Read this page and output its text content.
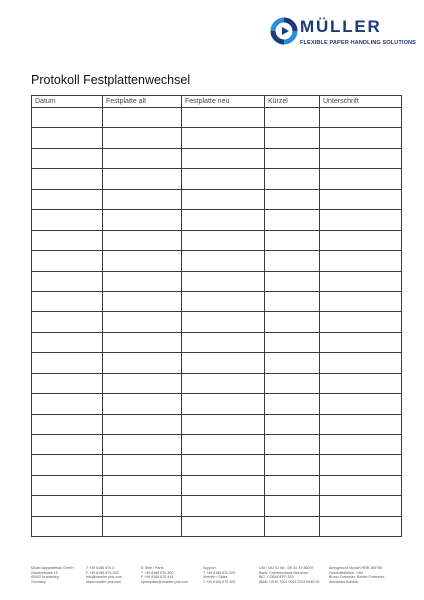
MÜLLER
FLEXIBLE PAPER HANDLING SOLUTIONS
Protokoll Festplattenwechsel
Datum	Festplatte alt	Festplatte neu	Kürzel	Unterschrift

Müller Apparatebau GmbH
Gewerbepark 19
85402 Kranzberg
Germany
T +49 8166 670-0
F +49 8166 670-333
info@mueller-phs.com
www.mueller-phs.com
E-Teile / Parts
T +49 8166 670-400
F +49 8166 670-444
sparepatrs@mueller-phs.com
Support
T +49 8166 670-200
Vertrieb / Sales
T +49 8166 670-300
USt / VAT ID No.: DE 81 47 86097
Bank: Commerzbank München
BIC: COBADEFF 333
IBAN: DE40 7004 0041 0224 6946 00
Amtsgericht Munich HRB 165798
Geschäftsführer / MD
Bruno Fortmeier, Robert Fortmeier,
Alexandra Bobeck
